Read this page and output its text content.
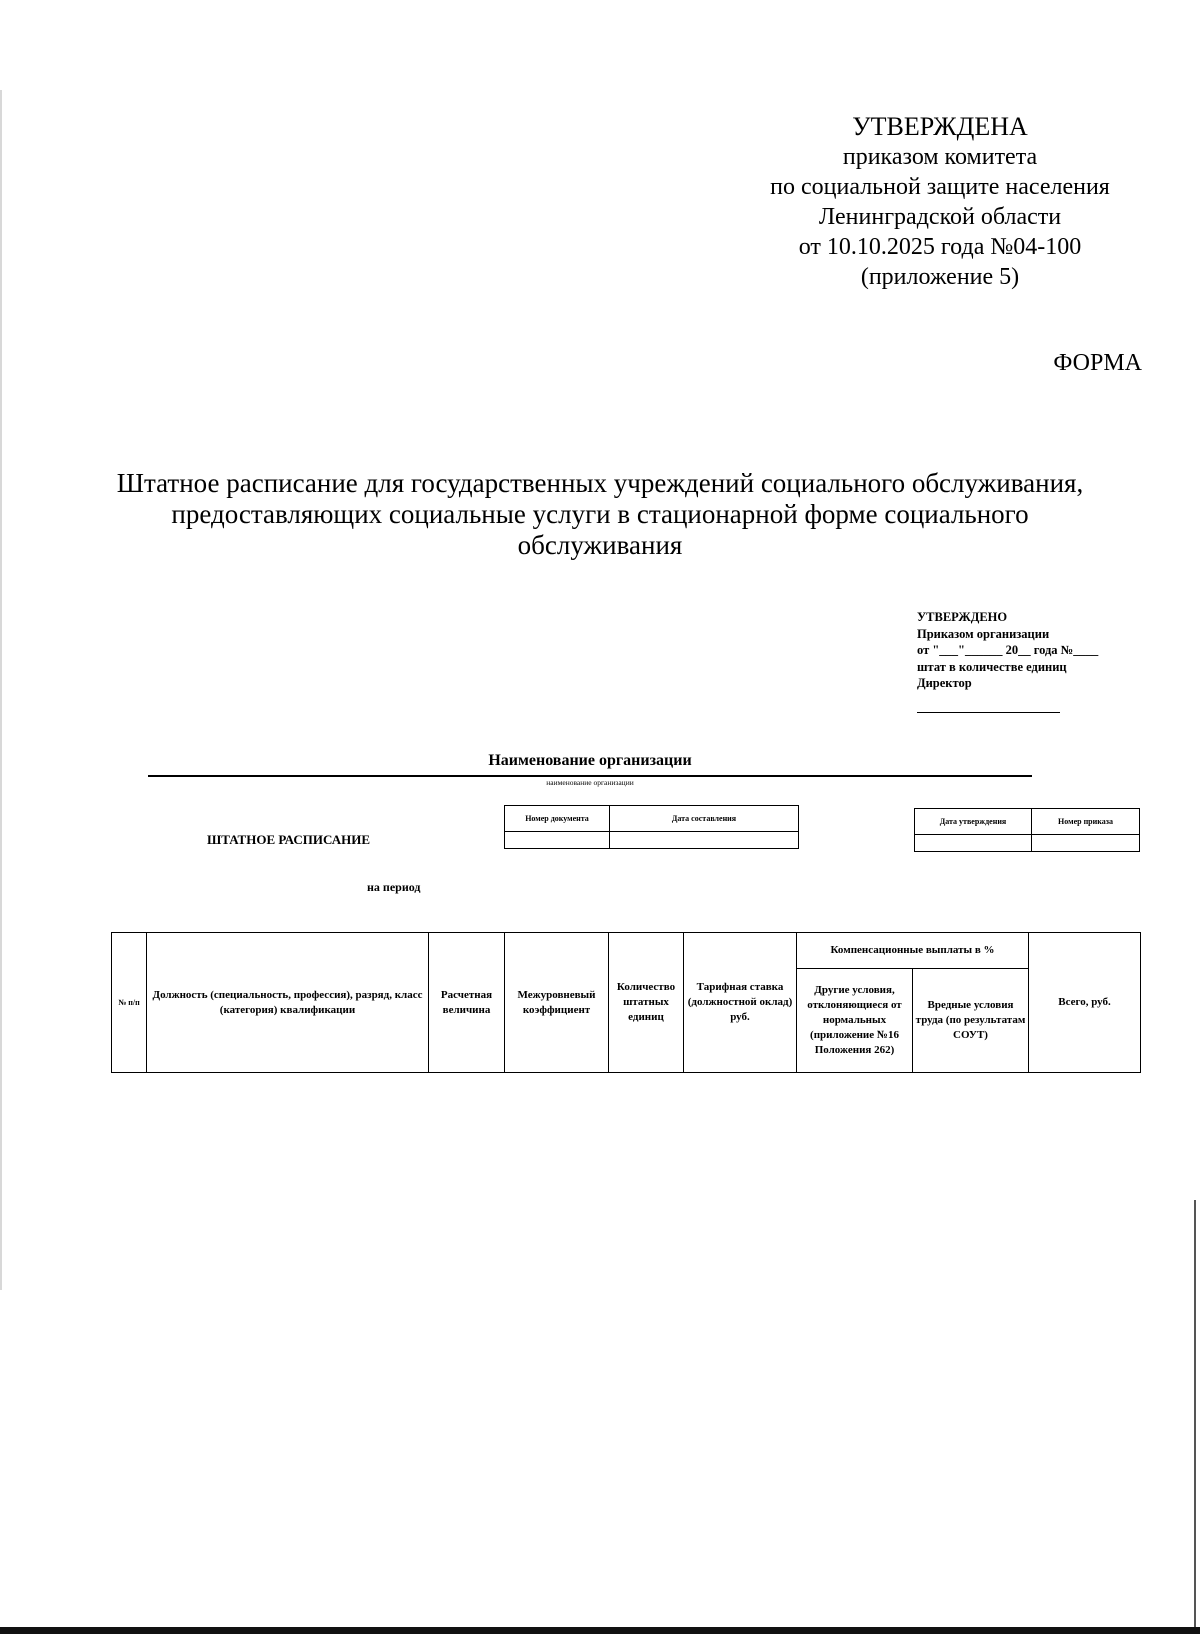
УТВЕРЖДЕНА
приказом комитета
по социальной защите населения
Ленинградской области
от 10.10.2025 года №04-100
(приложение 5)
ФОРМА
Штатное расписание для государственных учреждений социального обслуживания,
предоставляющих социальные услуги в стационарной форме социального
обслуживания
УТВЕРЖДЕНО
Приказом организации
от "___"______ 20__ года №____
штат в количестве единиц
Директор
Наименование организации
наименование организации
ШТАТНОЕ РАСПИСАНИЕ
на период
Номер документа	Дата составления
		Дата утверждения	Номер приказа

№ п/п	Должность (специальность, профессия), разряд, класс (категория) квалификации	Расчетная величина	Межуровневый коэффициент	Количество штатных единиц	Тарифная ставка (должностной оклад) руб.	Компенсационные выплаты в %		Всего, руб.
						Другие условия, отклоняющиеся от нормальных (приложение №16 Положения 262)	Вредные условия труда (по результатам СОУТ)	
